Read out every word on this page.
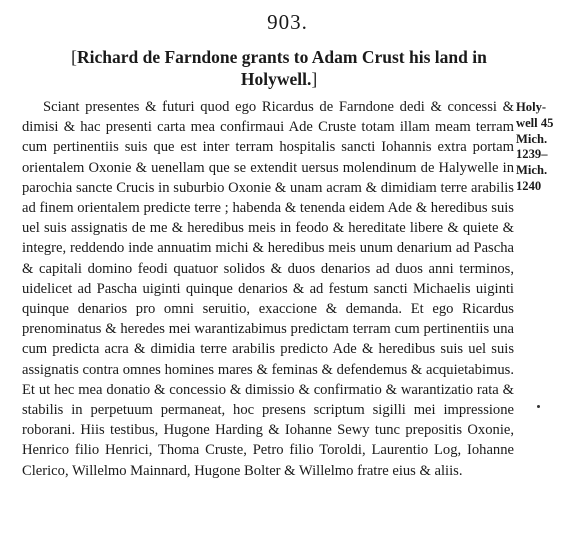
903.
[Richard de Farndone grants to Adam Crust his land in Holywell.]

Sciant presentes & futuri quod ego Ricardus de Farndone dedi & concessi & dimisi & hac presenti carta mea confirmaui Ade Cruste totam illam meam terram cum pertinentiis suis que est inter terram hospitalis sancti Iohannis extra portam orientalem Oxonie & uenellam que se extendit uersus molendinum de Halywelle in parochia sancte Crucis in suburbio Oxonie & unam acram & dimidiam terre arabilis ad finem orientalem predicte terre ; habenda & tenenda eidem Ade & heredibus suis uel suis assignatis de me & heredibus meis in feodo & hereditate libere & quiete & integre, reddendo inde annuatim michi & heredibus meis unum denarium ad Pascha & capitali domino feodi quatuor solidos & duos denarios ad duos anni terminos, uidelicet ad Pascha uiginti quinque denarios & ad festum sancti Michaelis uiginti quinque denarios pro omni seruitio, exaccione & demanda. Et ego Ricardus prenominatus & heredes mei warantizabimus predictam terram cum pertinentiis una cum predicta acra & dimidia terre arabilis predicto Ade & heredibus suis uel suis assignatis contra omnes homines mares & feminas & defendemus & acquietabimus. Et ut hec mea donatio & concessio & dimissio & confirmatio & warantizatio rata & stabilis in perpetuum permaneat, hoc presens scriptum sigilli mei impressione roborani. Hiis testibus, Hugone Harding & Iohanne Sewy tunc prepositis Oxonie, Henrico filio Henrici, Thoma Cruste, Petro filio Toroldi, Laurentio Log, Iohanne Clerico, Willelmo Mainnard, Hugone Bolter & Willelmo fratre eius & aliis.

Holy-
well 45
Mich.
1239–
Mich.
1240
